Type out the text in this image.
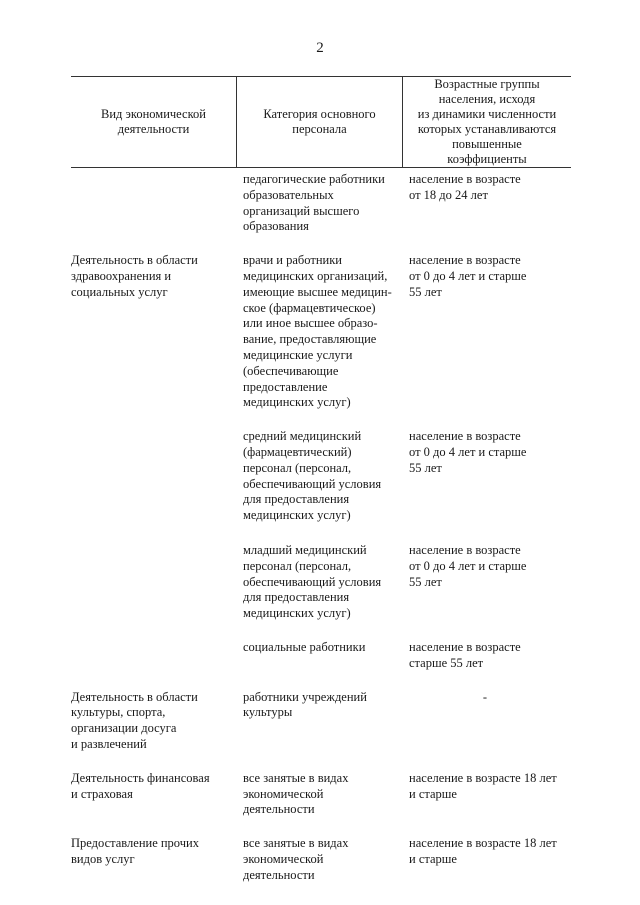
2
Вид экономической
деятельности
Категория основного
персонала
Возрастные группы
населения, исходя
из динамики численности
которых устанавливаются
повышенные
коэффициенты
педагогические работники
образовательных
организаций высшего
образования
население в возрасте
от 18 до 24 лет
Деятельность в области
здравоохранения и
социальных услуг
врачи и работники
медицинских организаций,
имеющие высшее медицин-
ское (фармацевтическое)
или иное высшее образо-
вание, предоставляющие
медицинские услуги
(обеспечивающие
предоставление
медицинских услуг)
население в возрасте
от 0 до 4 лет и старше
55 лет
средний медицинский
(фармацевтический)
персонал (персонал,
обеспечивающий условия
для предоставления
медицинских услуг)
население в возрасте
от 0 до 4 лет и старше
55 лет
младший медицинский
персонал (персонал,
обеспечивающий условия
для предоставления
медицинских услуг)
население в возрасте
от 0 до 4 лет и старше
55 лет
социальные работники	население в возрасте
старше 55 лет
Деятельность в области
культуры, спорта,
организации досуга
и развлечений
работники учреждений
культуры
-
Деятельность финансовая
и страховая
все занятые в видах
экономической
деятельности
население в возрасте 18 лет
и старше
Предоставление прочих
видов услуг
все занятые в видах
экономической
деятельности
население в возрасте 18 лет
и старше
